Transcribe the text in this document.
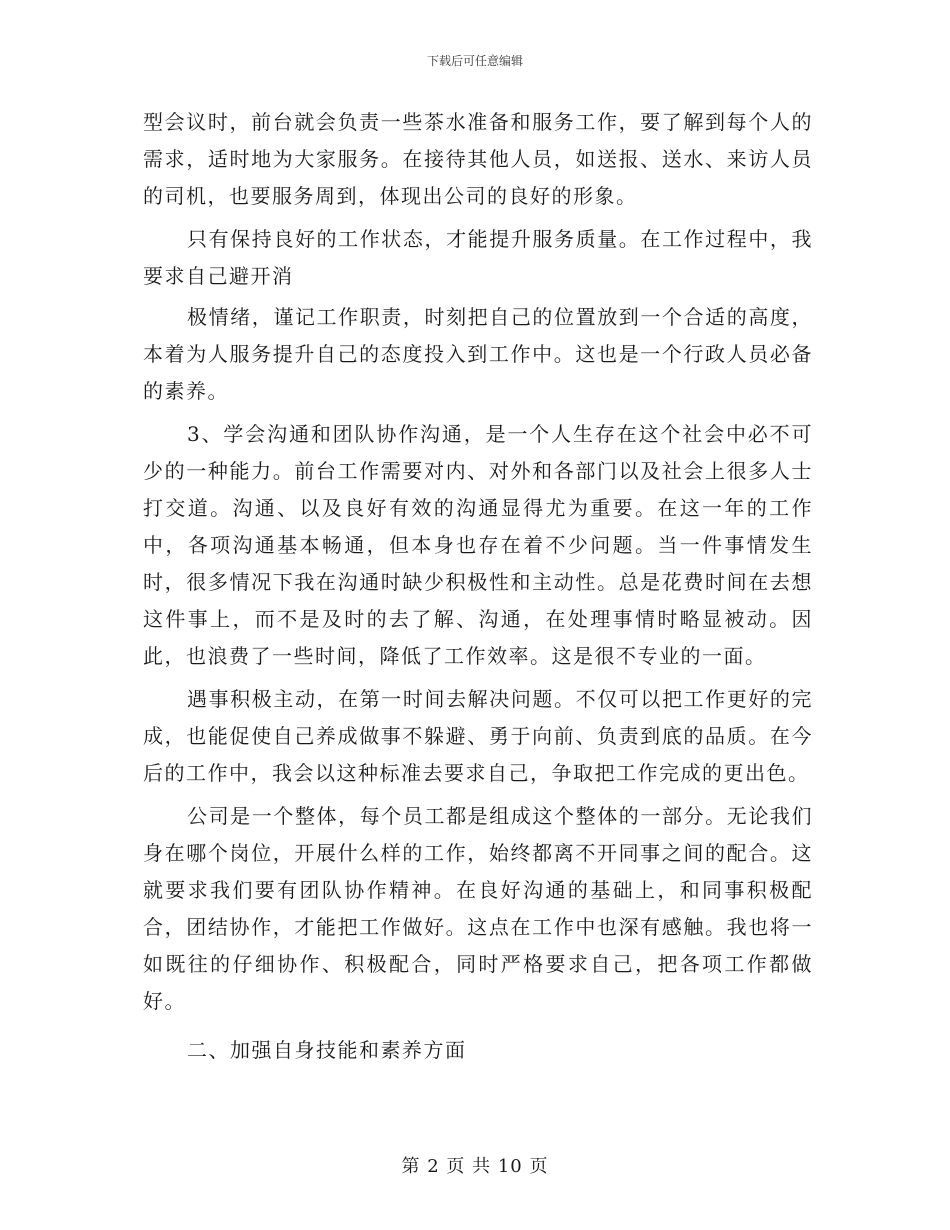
下载后可任意编辑

型会议时，前台就会负责一些茶水准备和服务工作，要了解到每个人的需求，适时地为大家服务。在接待其他人员，如送报、送水、来访人员的司机，也要服务周到，体现出公司的良好的形象。

只有保持良好的工作状态，才能提升服务质量。在工作过程中，我要求自己避开消

极情绪，谨记工作职责，时刻把自己的位置放到一个合适的高度，本着为人服务提升自己的态度投入到工作中。这也是一个行政人员必备的素养。

3、学会沟通和团队协作沟通，是一个人生存在这个社会中必不可少的一种能力。前台工作需要对内、对外和各部门以及社会上很多人士打交道。沟通、以及良好有效的沟通显得尤为重要。在这一年的工作中，各项沟通基本畅通，但本身也存在着不少问题。当一件事情发生时，很多情况下我在沟通时缺少积极性和主动性。总是花费时间在去想这件事上，而不是及时的去了解、沟通，在处理事情时略显被动。因此，也浪费了一些时间，降低了工作效率。这是很不专业的一面。

遇事积极主动，在第一时间去解决问题。不仅可以把工作更好的完成，也能促使自己养成做事不躲避、勇于向前、负责到底的品质。在今后的工作中，我会以这种标准去要求自己，争取把工作完成的更出色。

公司是一个整体，每个员工都是组成这个整体的一部分。无论我们身在哪个岗位，开展什么样的工作，始终都离不开同事之间的配合。这就要求我们要有团队协作精神。在良好沟通的基础上，和同事积极配合，团结协作，才能把工作做好。这点在工作中也深有感触。我也将一如既往的仔细协作、积极配合，同时严格要求自己，把各项工作都做好。

二、加强自身技能和素养方面

第 2 页 共 10 页
